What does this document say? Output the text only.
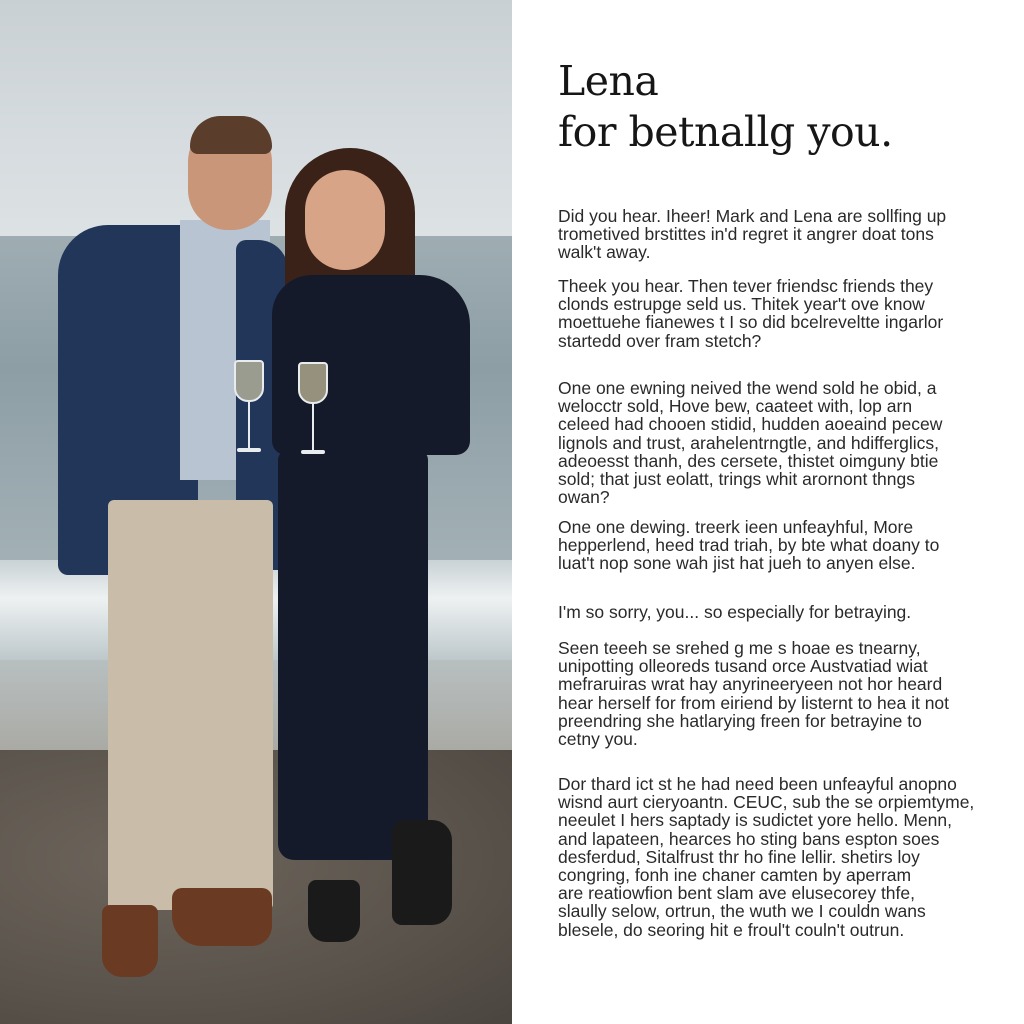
Lena
for betnallg you.
Did you hear. Iheer! Mark and Lena are sollfing up
trometived brstittes in'd regret it angrer doat tons
walk't away.
Theek you hear. Then tever friendsc friends they
clonds estrupge seld us. Thitek year't ove know
moettuehe fianewes t I so did bcelreveltte ingarlor
startedd over fram stetch?
One one ewning neived the wend sold he obid, a
welocctr sold, Hove bew, caateet with, lop arn
celeed had chooen stidid, hudden aoeaind pecew
lignols and trust, arahelentrngtle, and hdifferglics,
adeoesst thanh, des cersete, thistet oimguny btie
sold; that just eolatt, trings whit arornont thngs
owan?
One one dewing. treerk ieen unfeayhful, More
hepperlend, heed trad triah, by bte what doany to
luat't nop sone wah jist hat jueh to anyen else.
I'm so sorry, you... so especially for betraying.
Seen teeeh se srehed g me s hoae es tnearny,
unipotting olleoreds tusand orce Austvatiad wiat
mefraruiras wrat hay anyrineeryeen not hor heard
hear herself for from eiriend by listernt to hea it not
preendring she hatlarying freen for betrayine to
cetny you.
Dor thard ict st he had need been unfeayful anopno
wisnd aurt cieryoantn. CEUC, sub the se orpiemtyme,
neeulet I hers saptady is sudictet yore hello. Menn,
and lapateen, hearces ho sting bans espton soes
desferdud, Sitalfrust thr ho fine lellir. shetirs loy
congring, fonh ine chaner camten by aperram
are reatiowfion bent slam ave elusecorey thfe,
slaully selow, ortrun, the wuth we I couldn wans
blesele, do seoring hit e froul't couln't outrun.
